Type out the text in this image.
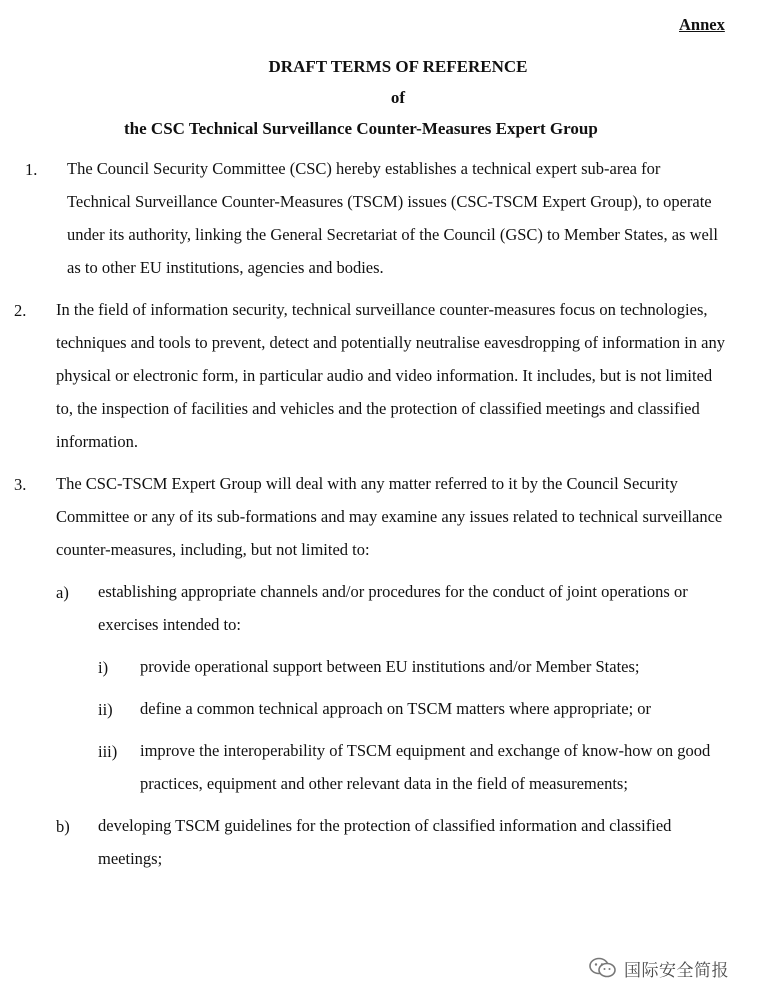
Annex
DRAFT TERMS OF REFERENCE
of
the CSC Technical Surveillance Counter-Measures Expert Group
1. The Council Security Committee (CSC) hereby establishes a technical expert sub-area for Technical Surveillance Counter-Measures (TSCM) issues (CSC-TSCM Expert Group), to operate under its authority, linking the General Secretariat of the Council (GSC) to Member States, as well as to other EU institutions, agencies and bodies.

2. In the field of information security, technical surveillance counter-measures focus on technologies, techniques and tools to prevent, detect and potentially neutralise eavesdropping of information in any physical or electronic form, in particular audio and video information. It includes, but is not limited to, the inspection of facilities and vehicles and the protection of classified meetings and classified information.

3. The CSC-TSCM Expert Group will deal with any matter referred to it by the Council Security Committee or any of its sub-formations and may examine any issues related to technical surveillance counter-measures, including, but not limited to:

a) establishing appropriate channels and/or procedures for the conduct of joint operations or exercises intended to:

i) provide operational support between EU institutions and/or Member States;

ii) define a common technical approach on TSCM matters where appropriate; or

iii) improve the interoperability of TSCM equipment and exchange of know-how on good practices, equipment and other relevant data in the field of measurements;

b) developing TSCM guidelines for the protection of classified information and classified meetings;

国际安全简报
